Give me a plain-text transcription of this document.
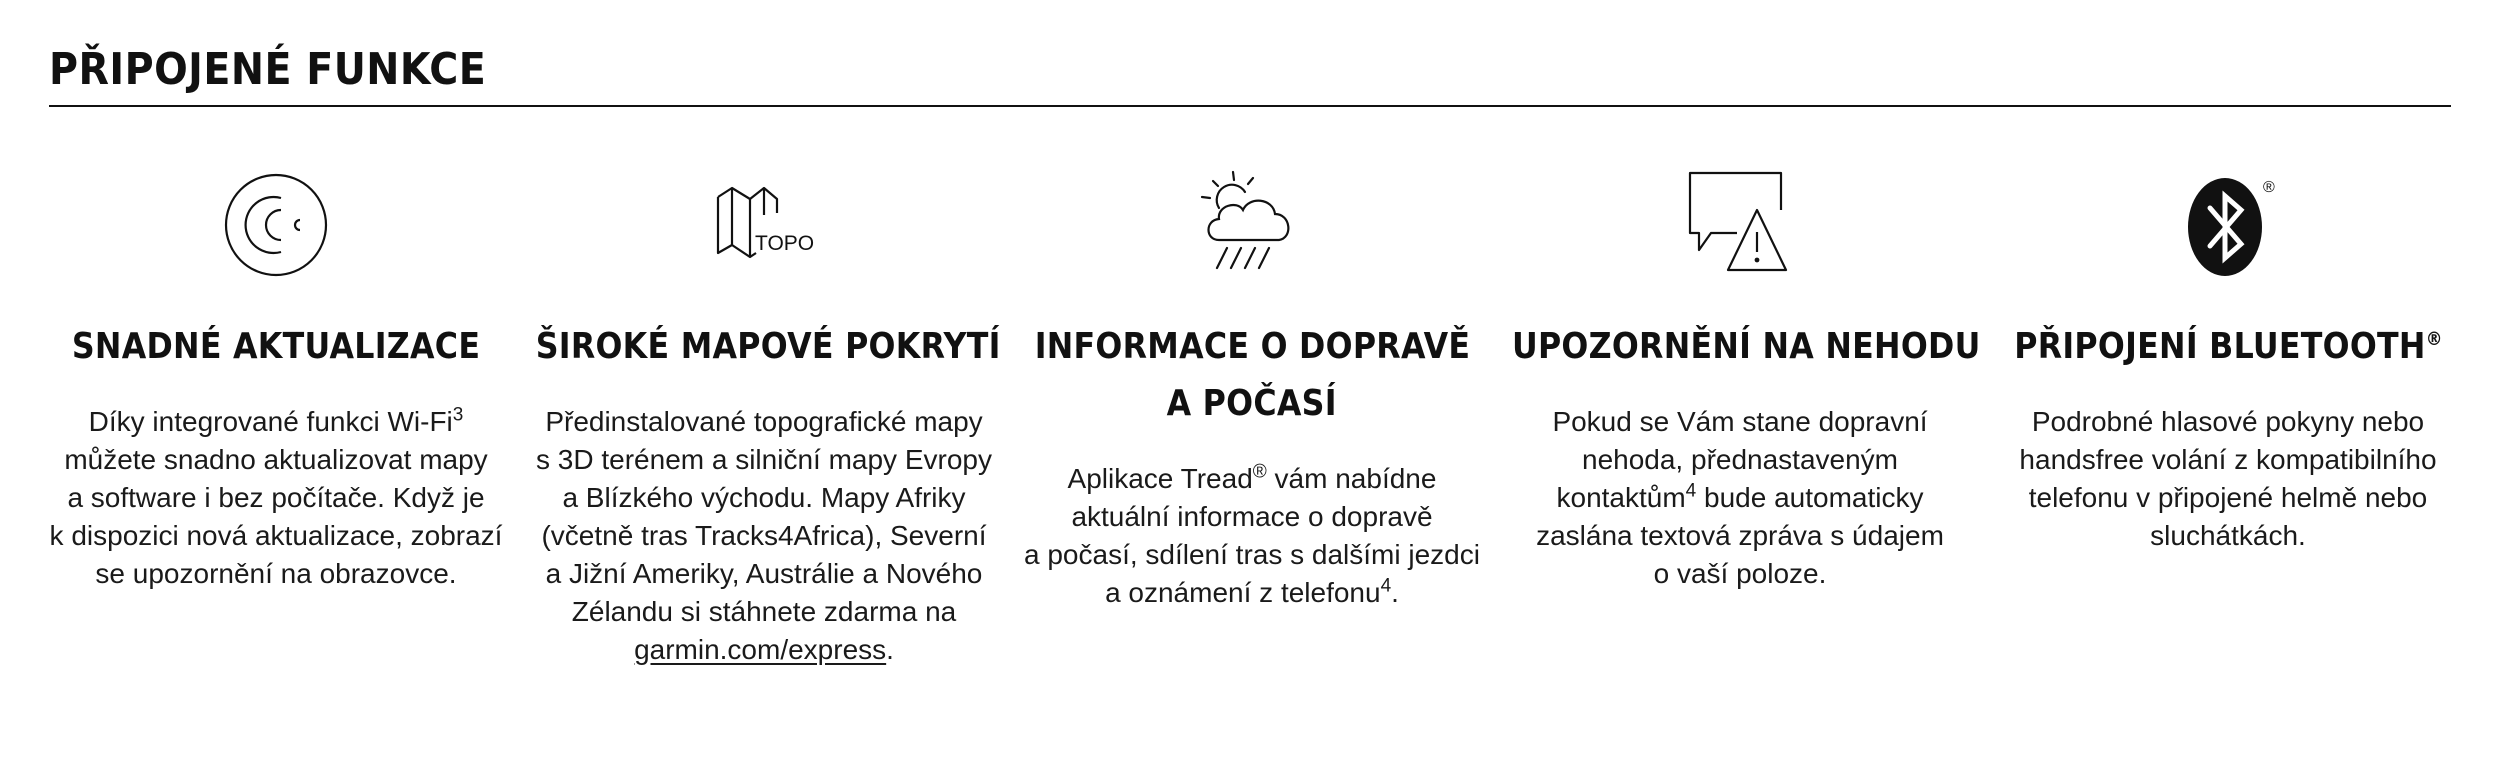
PŘIPOJENÉ FUNKCE
SNADNÉ AKTUALIZACE

Díky integrované funkci Wi-Fi$^3$
můžete snadno aktualizovat mapy
a software i bez počítače. Když je
k dispozici nová aktualizace, zobrazí
se upozornění na obrazovce.

TOPO
ŠIROKÉ MAPOVÉ POKRYTÍ

Předinstalované topografické mapy
s 3D terénem a silniční mapy Evropy
a Blízkého východu. Mapy Afriky
(včetně tras Tracks4Africa), Severní
a Jižní Ameriky, Austrálie a Nového
Zélandu si stáhnete zdarma na
garmin.com/express.

INFORMACE O DOPRAVĚ
A POČASÍ

Aplikace Tread® vám nabídne
aktuální informace o dopravě
a počasí, sdílení tras s dalšími jezdci
a oznámení z telefonu$^4$.

UPOZORNĚNÍ NA NEHODU

Pokud se Vám stane dopravní
nehoda, přednastaveným
kontaktům$^4$ bude automaticky
zaslána textová zpráva s údajem
o vaší poloze.

®
PŘIPOJENÍ BLUETOOTH®

Podrobné hlasové pokyny nebo
handsfree volání z kompatibilního
telefonu v připojené helmě nebo
sluchátkách.
